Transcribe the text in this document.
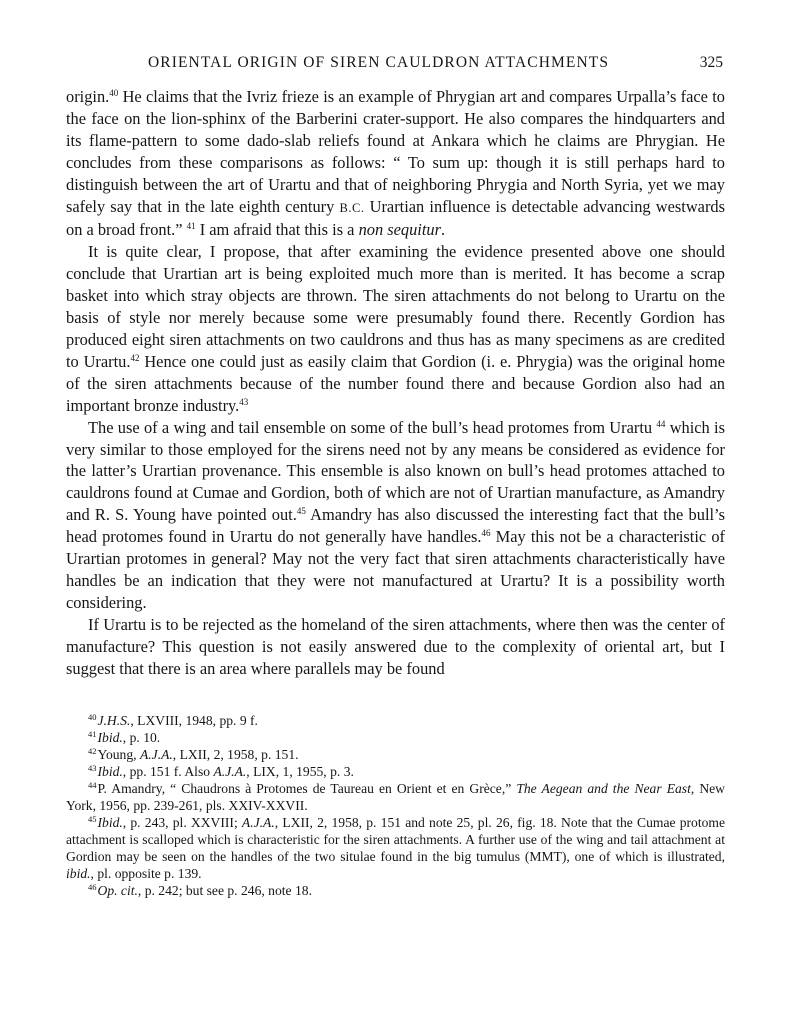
ORIENTAL ORIGIN OF SIREN CAULDRON ATTACHMENTS	325

origin.$^{40}$ He claims that the Ivriz frieze is an example of Phrygian art and compares Urpalla’s face to the face on the lion-sphinx of the Barberini crater-support. He also compares the hindquarters and its flame-pattern to some dado-slab reliefs found at Ankara which he claims are Phrygian. He concludes from these comparisons as follows: “ To sum up: though it is still perhaps hard to distinguish between the art of Urartu and that of neighboring Phrygia and North Syria, yet we may safely say that in the late eighth century B.C. Urartian influence is detectable advancing westwards on a broad front.” $^{41}$ I am afraid that this is a non sequitur.

It is quite clear, I propose, that after examining the evidence presented above one should conclude that Urartian art is being exploited much more than is merited. It has become a scrap basket into which stray objects are thrown. The siren attachments do not belong to Urartu on the basis of style nor merely because some were presumably found there. Recently Gordion has produced eight siren attachments on two cauldrons and thus has as many specimens as are credited to Urartu.$^{42}$ Hence one could just as easily claim that Gordion (i. e. Phrygia) was the original home of the siren attachments because of the number found there and because Gordion also had an important bronze industry.$^{43}$

The use of a wing and tail ensemble on some of the bull’s head protomes from Urartu $^{44}$ which is very similar to those employed for the sirens need not by any means be considered as evidence for the latter’s Urartian provenance. This ensemble is also known on bull’s head protomes attached to cauldrons found at Cumae and Gordion, both of which are not of Urartian manufacture, as Amandry and R. S. Young have pointed out.$^{45}$ Amandry has also discussed the interesting fact that the bull’s head protomes found in Urartu do not generally have handles.$^{46}$ May this not be a characteristic of Urartian protomes in general? May not the very fact that siren attachments characteristically have handles be an indication that they were not manufactured at Urartu? It is a possibility worth considering.

If Urartu is to be rejected as the homeland of the siren attachments, where then was the center of manufacture? This question is not easily answered due to the complexity of oriental art, but I suggest that there is an area where parallels may be found

$^{40}$J.H.S., LXVIII, 1948, pp. 9 f.

$^{41}$Ibid., p. 10.

$^{42}$Young, A.J.A., LXII, 2, 1958, p. 151.

$^{43}$Ibid., pp. 151 f. Also A.J.A., LIX, 1, 1955, p. 3.

$^{44}$P. Amandry, “ Chaudrons à Protomes de Taureau en Orient et en Grèce,” The Aegean and the Near East, New York, 1956, pp. 239-261, pls. XXIV-XXVII.

$^{45}$Ibid., p. 243, pl. XXVIII; A.J.A., LXII, 2, 1958, p. 151 and note 25, pl. 26, fig. 18. Note that the Cumae protome attachment is scalloped which is characteristic for the siren attachments. A further use of the wing and tail attachment at Gordion may be seen on the handles of the two situlae found in the big tumulus (MMT), one of which is illustrated, ibid., pl. opposite p. 139.

$^{46}$Op. cit., p. 242; but see p. 246, note 18.
